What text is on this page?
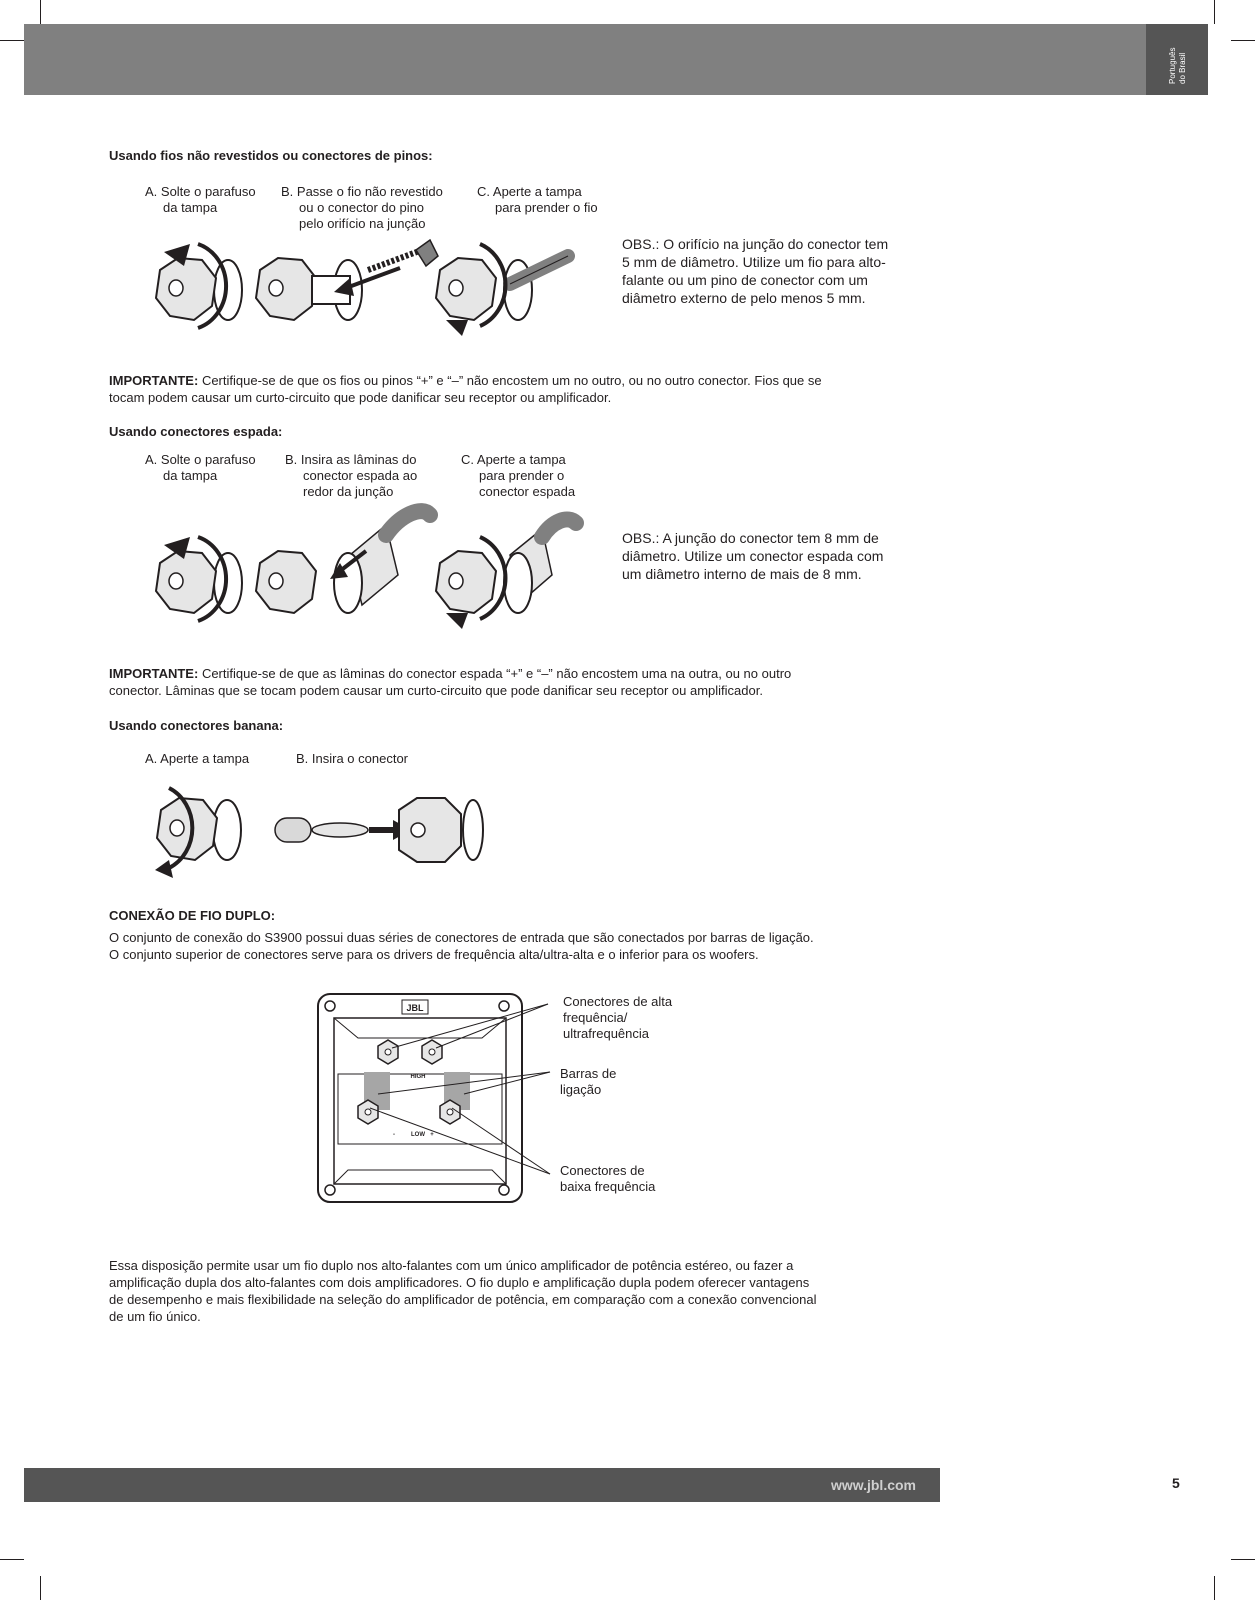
Português do Brasil
Usando fios não revestidos ou conectores de pinos:
A. Solte o parafuso
da tampa
B. Passe o fio não revestido
ou o conector do pino
pelo orifício na junção
C. Aperte a tampa
para prender o fio
OBS.: O orifício na junção do conector tem
5 mm de diâmetro. Utilize um fio para alto-
falante ou um pino de conector com um
diâmetro externo de pelo menos 5 mm.
IMPORTANTE: Certifique-se de que os fios ou pinos “+” e “–” não encostem um no outro, ou no outro conector. Fios que se
tocam podem causar um curto-circuito que pode danificar seu receptor ou amplificador.
Usando conectores espada:
A. Solte o parafuso
da tampa
B. Insira as lâminas do
conector espada ao
redor da junção
C. Aperte a tampa
para prender o
conector espada
OBS.: A junção do conector tem 8 mm de
diâmetro. Utilize um conector espada com
um diâmetro interno de mais de 8 mm.
IMPORTANTE: Certifique-se de que as lâminas do conector espada “+” e “–” não encostem uma na outra, ou no outro
conector. Lâminas que se tocam podem causar um curto-circuito que pode danificar seu receptor ou amplificador.
Usando conectores banana:
A. Aperte a tampa	B. Insira o conector
CONEXÃO DE FIO DUPLO:
O conjunto de conexão do S3900 possui duas séries de conectores de entrada que são conectados por barras de ligação.
O conjunto superior de conectores serve para os drivers de frequência alta/ultra-alta e o inferior para os woofers.
JBL
HIGH
LOW
-	+
Conectores de alta
frequência/
ultrafrequência
Barras de
ligação
Conectores de
baixa frequência
Essa disposição permite usar um fio duplo nos alto-falantes com um único amplificador de potência estéreo, ou fazer a
amplificação dupla dos alto-falantes com dois amplificadores. O fio duplo e amplificação dupla podem oferecer vantagens
de desempenho e mais flexibilidade na seleção do amplificador de potência, em comparação com a conexão convencional
de um fio único.
www.jbl.com	5
